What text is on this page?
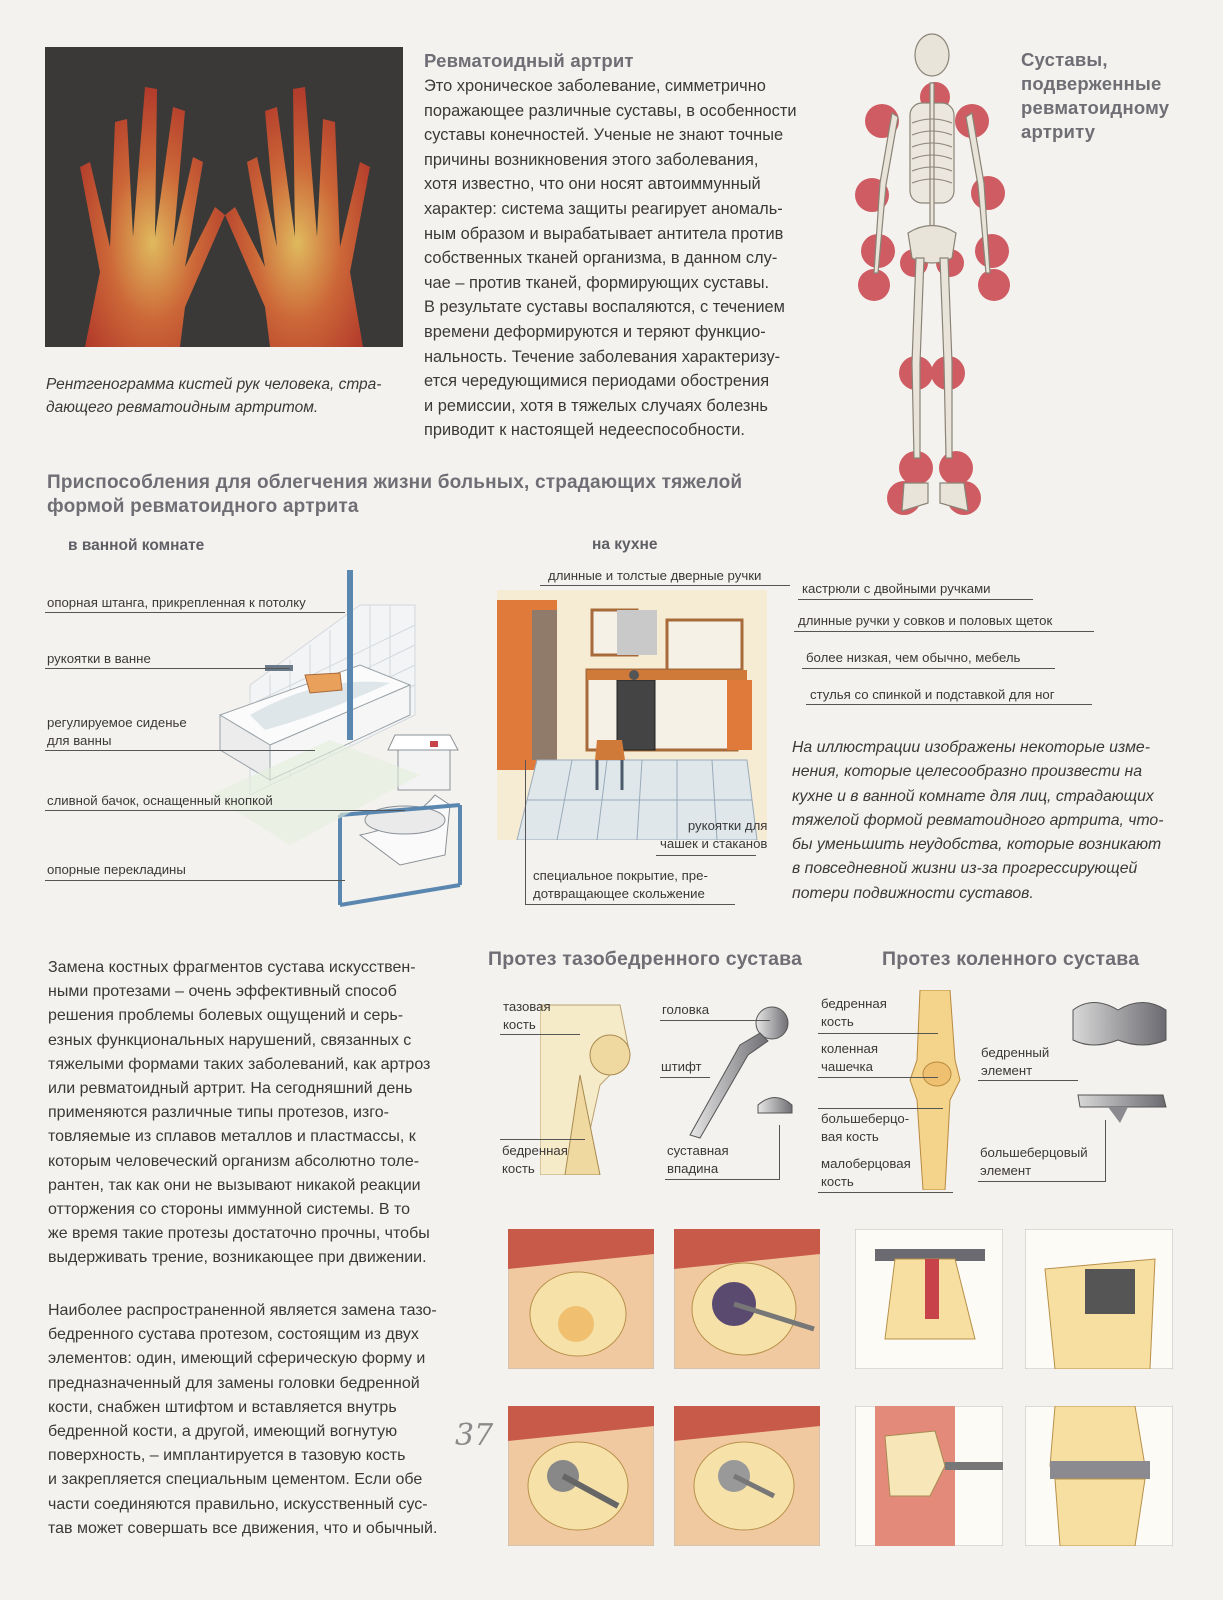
Рентгенограмма кистей рук человека, стра-
дающего ревматоидным артритом.
Ревматоидный артрит
Это хроническое заболевание, симметрично
поражающее различные суставы, в особенности
суставы конечностей. Ученые не знают точные
причины возникновения этого заболевания,
хотя известно, что они носят автоиммунный
характер: система защиты реагирует аномаль-
ным образом и вырабатывает антитела против
собственных тканей организма, в данном слу-
чае – против тканей, формирующих суставы.
В результате суставы воспаляются, с течением
времени деформируются и теряют функцио-
нальность. Течение заболевания характеризу-
ется чередующимися периодами обострения
и ремиссии, хотя в тяжелых случаях болезнь
приводит к настоящей недееспособности.
Суставы,
подверженные
ревматоидному
артриту
Приспособления для облегчения жизни больных, страдающих тяжелой
формой ревматоидного артрита
в ванной комнате
опорная штанга, прикрепленная к потолку
рукоятки в ванне
регулируемое сиденье
для ванны
сливной бачок, оснащенный кнопкой
опорные перекладины
на кухне
длинные и толстые дверные ручки
кастрюли с двойными ручками
длинные ручки у совков и половых щеток
более низкая, чем обычно, мебель
стулья со спинкой и подставкой для ног
рукоятки для
чашек и стаканов
специальное покрытие, пре-
дотвращающее скольжение
На иллюстрации изображены некоторые изме-
нения, которые целесообразно произвести на
кухне и в ванной комнате для лиц, страдающих
тяжелой формой ревматоидного артрита, что-
бы уменьшить неудобства, которые возникают
в повседневной жизни из-за прогрессирующей
потери подвижности суставов.
Замена костных фрагментов сустава искусствен-
ными протезами – очень эффективный способ
решения проблемы болевых ощущений и серь-
езных функциональных нарушений, связанных с
тяжелыми формами таких заболеваний, как артроз
или ревматоидный артрит. На сегодняшний день
применяются различные типы протезов, изго-
товляемые из сплавов металлов и пластмассы, к
которым человеческий организм абсолютно толе-
рантен, так как они не вызывают никакой реакции
отторжения со стороны иммунной системы. В то
же время такие протезы достаточно прочны, чтобы
выдерживать трение, возникающее при движении.
Наиболее распространенной является замена тазо-
бедренного сустава протезом, состоящим из двух
элементов: один, имеющий сферическую форму и
предназначенный для замены головки бедренной
кости, снабжен штифтом и вставляется внутрь
бедренной кости, а другой, имеющий вогнутую
поверхность, – имплантируется в тазовую кость
и закрепляется специальным цементом. Если обе
части соединяются правильно, искусственный сус-
тав может совершать все движения, что и обычный.
37
Протез тазобедренного сустава
тазовая
кость
бедренная
кость
головка
штифт
суставная
впадина
Протез коленного сустава
бедренная
кость
коленная
чашечка
большеберцо-
вая кость
малоберцовая
кость
бедренный
элемент
большеберцовый
элемент
